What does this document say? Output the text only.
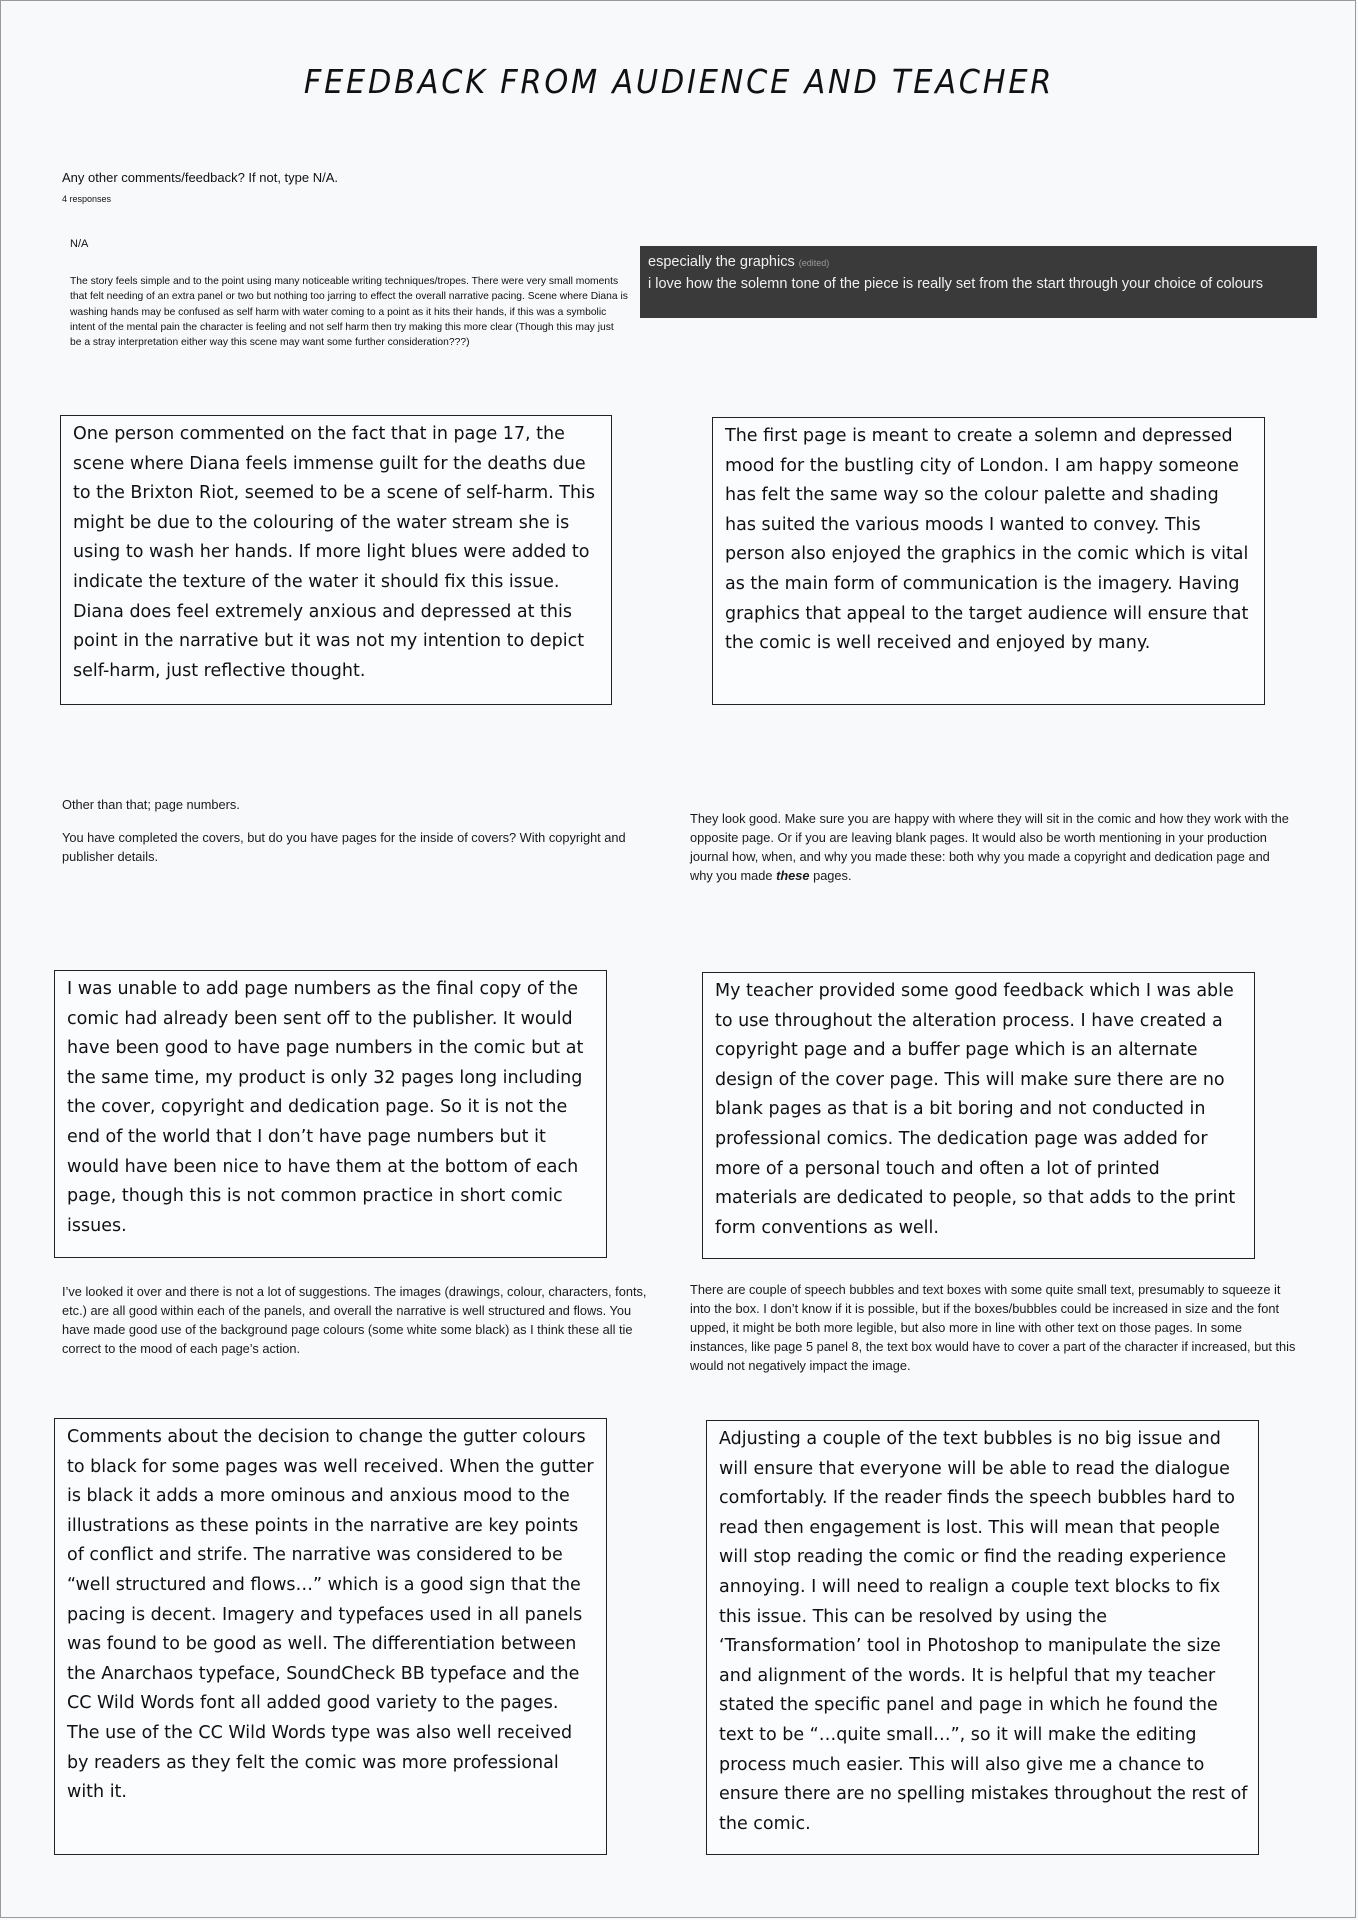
FEEDBACK FROM AUDIENCE AND TEACHER
Any other comments/feedback? If not, type N/A.
4 responses
N/A
The story feels simple and to the point using many noticeable writing techniques/tropes. There were very small moments that felt needing of an extra panel or two but nothing too jarring to effect the overall narrative pacing. Scene where Diana is washing hands may be confused as self harm with water coming to a point as it hits their hands, if this was a symbolic intent of the mental pain the character is feeling and not self harm then try making this more clear (Though this may just be a stray interpretation either way this scene may want some further consideration???)
especially the graphics (edited)
i love how the solemn tone of the piece is really set from the start through your choice of colours
One person commented on the fact that in page 17, the scene where Diana feels immense guilt for the deaths due to the Brixton Riot, seemed to be a scene of self-harm. This might be due to the colouring of the water stream she is using to wash her hands. If more light blues were added to indicate the texture of the water it should fix this issue. Diana does feel extremely anxious and depressed at this point in the narrative but it was not my intention to depict self-harm, just reflective thought.
The first page is meant to create a solemn and depressed mood for the bustling city of London. I am happy someone has felt the same way so the colour palette and shading has suited the various moods I wanted to convey. This person also enjoyed the graphics in the comic which is vital as the main form of communication is the imagery. Having graphics that appeal to the target audience will ensure that the comic is well received and enjoyed by many.

Other than that; page numbers.

You have completed the covers, but do you have pages for the inside of covers? With copyright and publisher details.

They look good. Make sure you are happy with where they will sit in the comic and how they work with the opposite page. Or if you are leaving blank pages. It would also be worth mentioning in your production journal how, when, and why you made these: both why you made a copyright and dedication page and why you made these pages.

I was unable to add page numbers as the final copy of the comic had already been sent off to the publisher. It would have been good to have page numbers in the comic but at the same time, my product is only 32 pages long including the cover, copyright and dedication page. So it is not the end of the world that I don’t have page numbers but it would have been nice to have them at the bottom of each page, though this is not common practice in short comic issues.
My teacher provided some good feedback which I was able to use throughout the alteration process. I have created a copyright page and a buffer page which is an alternate design of the cover page. This will make sure there are no blank pages as that is a bit boring and not conducted in professional comics. The dedication page was added for more of a personal touch and often a lot of printed materials are dedicated to people, so that adds to the print form conventions as well.
I’ve looked it over and there is not a lot of suggestions. The images (drawings, colour, characters, fonts, etc.) are all good within each of the panels, and overall the narrative is well structured and flows. You have made good use of the background page colours (some white some black) as I think these all tie correct to the mood of each page’s action.
There are couple of speech bubbles and text boxes with some quite small text, presumably to squeeze it into the box. I don’t know if it is possible, but if the boxes/bubbles could be increased in size and the font upped, it might be both more legible, but also more in line with other text on those pages. In some instances, like page 5 panel 8, the text box would have to cover a part of the character if increased, but this would not negatively impact the image.
Comments about the decision to change the gutter colours to black for some pages was well received. When the gutter is black it adds a more ominous and anxious mood to the illustrations as these points in the narrative are key points of conflict and strife. The narrative was considered to be “well structured and flows…” which is a good sign that the pacing is decent. Imagery and typefaces used in all panels was found to be good as well. The differentiation between the Anarchaos typeface, SoundCheck BB typeface and the CC Wild Words font all added good variety to the pages. The use of the CC Wild Words type was also well received by readers as they felt the comic was more professional with it.
Adjusting a couple of the text bubbles is no big issue and will ensure that everyone will be able to read the dialogue comfortably. If the reader finds the speech bubbles hard to read then engagement is lost. This will mean that people will stop reading the comic or find the reading experience annoying. I will need to realign a couple text blocks to fix this issue. This can be resolved by using the ‘Transformation’ tool in Photoshop to manipulate the size and alignment of the words. It is helpful that my teacher stated the specific panel and page in which he found the text to be “…quite small…”, so it will make the editing process much easier. This will also give me a chance to ensure there are no spelling mistakes throughout the rest of the comic.
